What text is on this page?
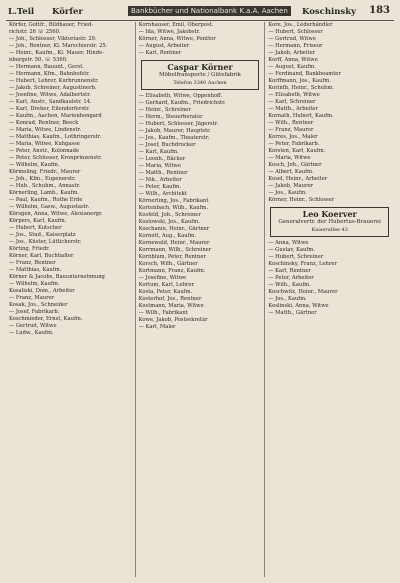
L.Teil Körfer	Bankbücher und Nationalbank K.a.A. Aachen	Koschinsky 183
Körfer, Gottfr., Bildhauer, Fried-
richstr. 26 ☏ 2560.
— Joh., Schlosser, Viktoriastr. 29.
— Joh., Rentner, Kl. Marschierstr. 25.
— Heinr., Kaufm., Kl. Mauer, Hinde-
nburgstr. 50. ☏ 5360.
— Hermann, Bauunt., Gerst.
— Hermann, Kfm., Bahnhofstr.
— Hubert, Lehrer, Kurbrunnenstr.
— Jakob, Schreiner, Augustinerb.
— Josefine, Witwe, Adalbertstr.
— Karl, Anstr., Sandkaulstr. 14.
— Karl, Dreher, Eilendorferstr.
— Kaufm., Aachen, Marienbongard
— Konrad, Rentner, Beeck
— Maria, Witwe, Lindenstr.
— Matthias, Kaufm., Lothringerstr.
— Maria, Witwe, Kuhgasse
— Peter, Anstr., Kolonnade
— Peter, Schlosser, Kronprinzenstr.
— Wilhelm, Kaufm.
Körmeling, Friedr., Maurer
— Joh., Kfm., Eupenerstr.
— Hub., Schuhm., Annastr.
Körnerling, Lamb., Kaufm.
— Paul, Kaufm., Rothe Erde
— Wilhelm, Gasw., Augustastr.
Körsgen, Anna, Witwe, Alexianergr.
Körpers, Karl, Kaufm.
— Hubert, Kutscher
— Jos., Stud., Kaiserplatz
— Jos., Küster, Lütticherstr.
Körting, Friedr.
Körner, Karl, Buchhalter
— Franz, Rentner
— Matthias, Kaufm.
Körner & Jacobs, Bauunternehmung
— Wilhelm, Kaufm.
Kosaliski, Dom., Arbeiter
— Franz, Maurer
Kosak, Jos., Schneider
— Josef, Fabrikarb.
Koschmieder, Ernst, Kaufm.
— Gertrud, Witwe
— Ludw., Kaufm.
Kornhauser, Emil, Oberpost.
— Ida, Witwe, Jakobstr.
Körner, Anna, Witwe, Ponttor
— August, Arbeiter
— Karl, Rentner
Caspar Körner
Möbelfransporte / Gütefabrik
Telefon 3340 Aachen
— Elisabeth, Witwe, Oppenhoff.
— Gerhard, Kaufm., Friedrichstr.
— Heinr., Schreiner
— Herm., Steuerberater
— Hubert, Schlosser, Jägerstr.
— Jakob, Maurer, Hauptstr.
— Jos., Kaufm., Theaterstr.
— Josef, Buchdrucker
— Karl, Kaufm.
— Leonh., Bäcker
— Maria, Witwe
— Matth., Rentner
— Nik., Arbeiter
— Peter, Kaufm.
— Wilh., Architekt
Körnerling, Jos., Fabrikant
Kortenbach, Wilh., Kaufm.
Kosfeld, Joh., Schreiner
Koslowski, Jos., Kaufm.
Koschanin, Heinr., Gärtner
Kornett, Aug., Kaufm.
Kornewald, Heinr., Maurer
Korrmann, Wilh., Schreiner
Kornblum, Peter, Rentner
Korsch, Wilh., Gärtner
Kortmann, Franz, Kaufm.
— Josefine, Witwe
Kortum, Karl, Lehrer
Kosta, Peter, Kaufm.
Kosterhof, Jos., Rentner
Kostmann, Maria, Witwe
— Wilh., Fabrikant
Kowe, Jakob, Postsekretär
— Karl, Maler
Kore, Jos., Lederhändler
— Hubert, Schlosser
— Gertrud, Witwe
— Hermann, Friseur
— Jakob, Arbeiter
Korff, Anna, Witwe
— August, Kaufm.
— Ferdinand, Bankbeamter
Korffmann, Jos., Kaufm.
Korinth, Heinr., Schuhm.
— Elisabeth, Witwe
— Karl, Schreiner
— Matth., Arbeiter
Kornath, Hubert, Kaufm.
— Wilh., Rentner
— Franz, Maurer
Korres, Jos., Maler
— Peter, Fabrikarb.
Korsten, Karl, Kaufm.
— Maria, Witwe
Kosch, Joh., Gärtner
— Albert, Kaufm.
Kosel, Heinr., Arbeiter
— Jakob, Maurer
— Jos., Kaufm.
Körner, Heinr., Schlosser
Leo Koerver
Generalvertr. der Hubertus-Brauerei
Kaiserallee 43
— Anna, Witwe
— Gustav, Kaufm.
— Hubert, Schreiner
Koschinsky, Franz, Lehrer
— Karl, Rentner
— Peter, Arbeiter
— Wilh., Kaufm.
Koschwitz, Heinr., Maurer
— Jos., Kaufm.
Koslinski, Anna, Witwe
— Matth., Gärtner
